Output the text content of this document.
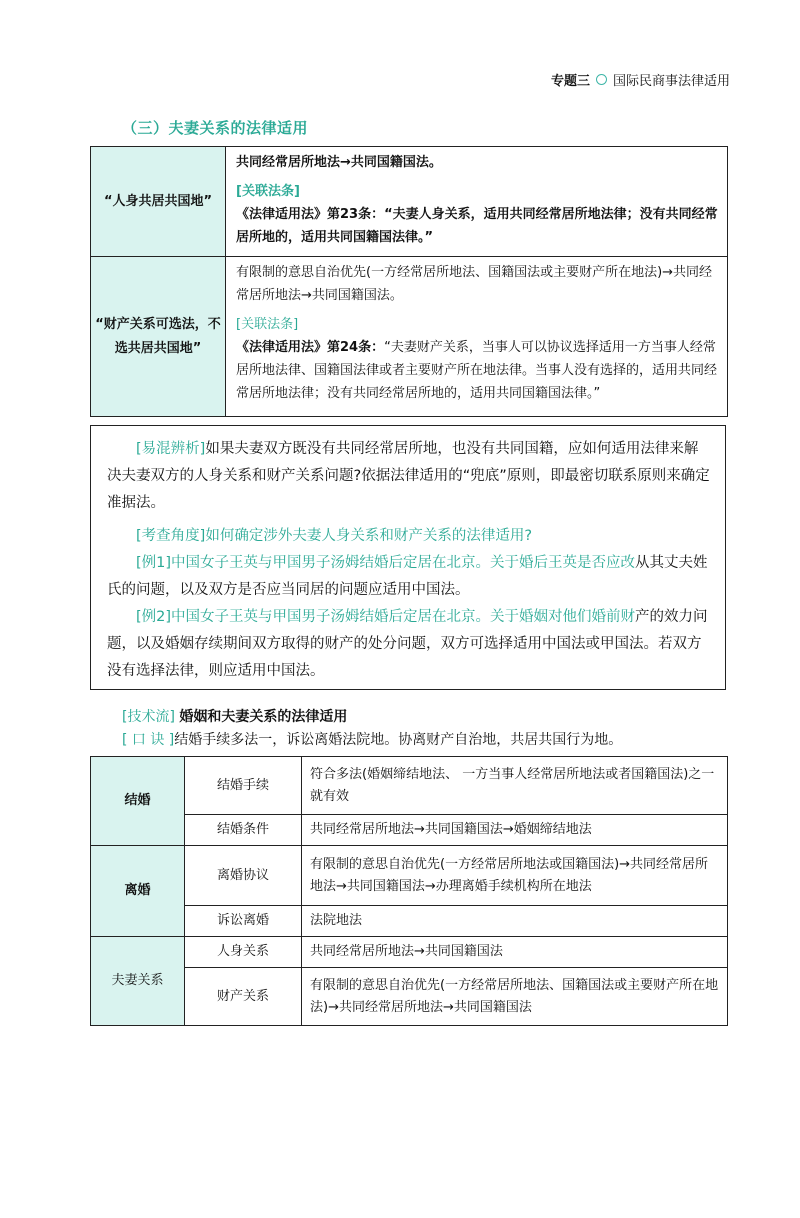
专题三 国际民商事法律适用
（三）夫妻关系的法律适用
“人身共居共国地”	共同经常居所地法→共同国籍国法。
[关联法条]
《法律适用法》第23条：“夫妻人身关系，适用共同经常居所地法律；没有共同经常居所地的，适用共同国籍国法律。”

“财产关系可选法，不选共居共国地”	有限制的意思自治优先(一方经常居所地法、国籍国法或主要财产所在地法)→共同经常居所地法→共同国籍国法。
[关联法条]
《法律适用法》第24条：“夫妻财产关系，当事人可以协议选择适用一方当事人经常居所地法律、国籍国法律或者主要财产所在地法律。当事人没有选择的，适用共同经常居所地法律；没有共同经常居所地的，适用共同国籍国法律。”

[易混辨析]如果夫妻双方既没有共同经常居所地，也没有共同国籍，应如何适用法律来解决夫妻双方的人身关系和财产关系问题?依据法律适用的“兜底”原则，即最密切联系原则来确定准据法。

[考查角度]如何确定涉外夫妻人身关系和财产关系的法律适用?

[例1]中国女子王英与甲国男子汤姆结婚后定居在北京。关于婚后王英是否应改从其丈夫姓氏的问题，以及双方是否应当同居的问题应适用中国法。

[例2]中国女子王英与甲国男子汤姆结婚后定居在北京。关于婚姻对他们婚前财产的效力问题，以及婚姻存续期间双方取得的财产的处分问题，双方可选择适用中国法或甲国法。若双方没有选择法律，则应适用中国法。

[技术流] 婚姻和夫妻关系的法律适用
[ 口 诀 ]结婚手续多法一，诉讼离婚法院地。协离财产自治地，共居共国行为地。
结婚	结婚手续	符合多法(婚姻缔结地法、 一方当事人经常居所地法或者国籍国法)之一就有效
	结婚条件	共同经常居所地法→共同国籍国法→婚姻缔结地法
离婚	离婚协议	有限制的意思自治优先(一方经常居所地法或国籍国法)→共同经常居所地法→共同国籍国法→办理离婚手续机构所在地法
	诉讼离婚	法院地法
夫妻关系	人身关系	共同经常居所地法→共同国籍国法
	财产关系	有限制的意思自治优先(一方经常居所地法、国籍国法或主要财产所在地法)→共同经常居所地法→共同国籍国法
